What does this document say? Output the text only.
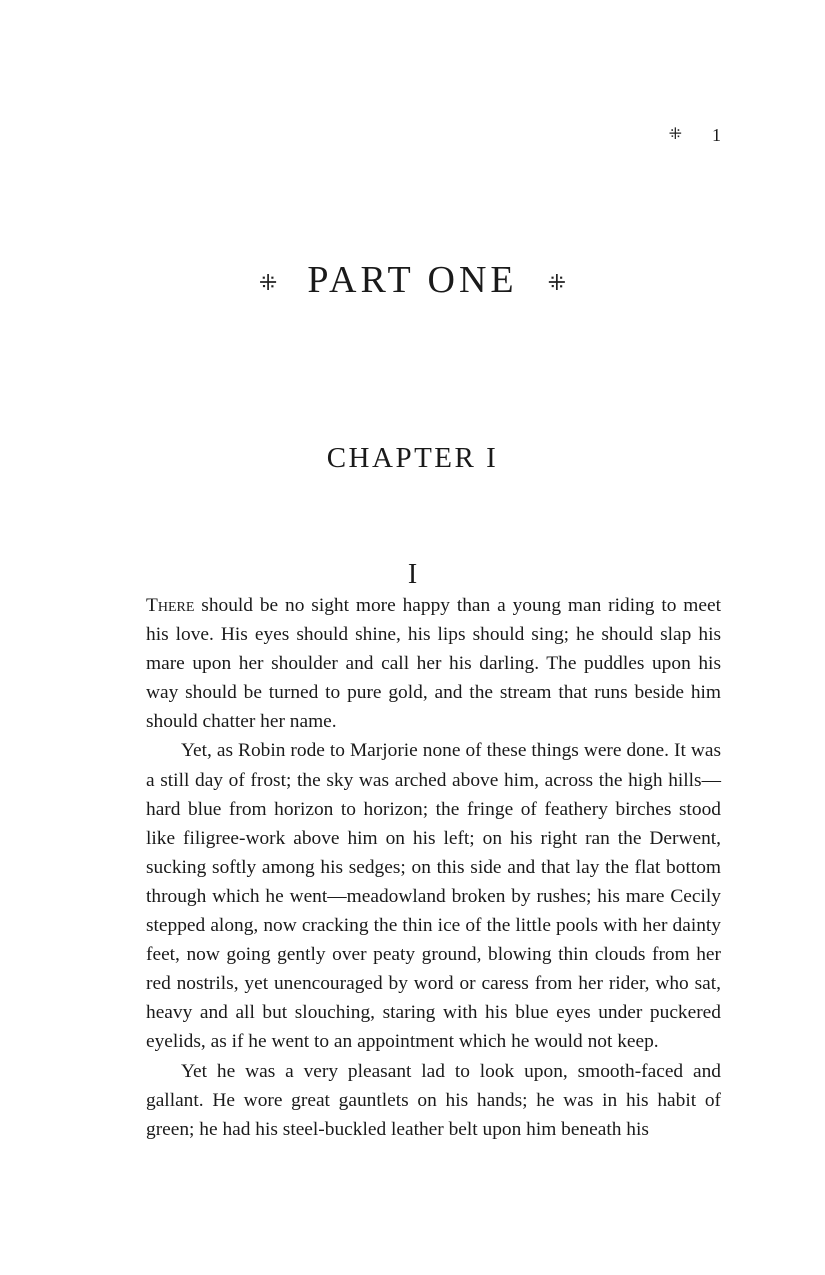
⁜ 1
⁜ PART ONE ⁜
CHAPTER I
I

There should be no sight more happy than a young man riding to meet his love. His eyes should shine, his lips should sing; he should slap his mare upon her shoulder and call her his darling. The puddles upon his way should be turned to pure gold, and the stream that runs beside him should chatter her name.

Yet, as Robin rode to Marjorie none of these things were done. It was a still day of frost; the sky was arched above him, across the high hills—hard blue from horizon to horizon; the fringe of feathery birches stood like filigree-work above him on his left; on his right ran the Derwent, sucking softly among his sedges; on this side and that lay the flat bottom through which he went—meadowland broken by rushes; his mare Cecily stepped along, now cracking the thin ice of the little pools with her dainty feet, now going gently over peaty ground, blowing thin clouds from her red nostrils, yet unencouraged by word or caress from her rider, who sat, heavy and all but slouching, staring with his blue eyes under puckered eyelids, as if he went to an appointment which he would not keep.

Yet he was a very pleasant lad to look upon, smooth-faced and gallant. He wore great gauntlets on his hands; he was in his habit of green; he had his steel-buckled leather belt upon him beneath his
